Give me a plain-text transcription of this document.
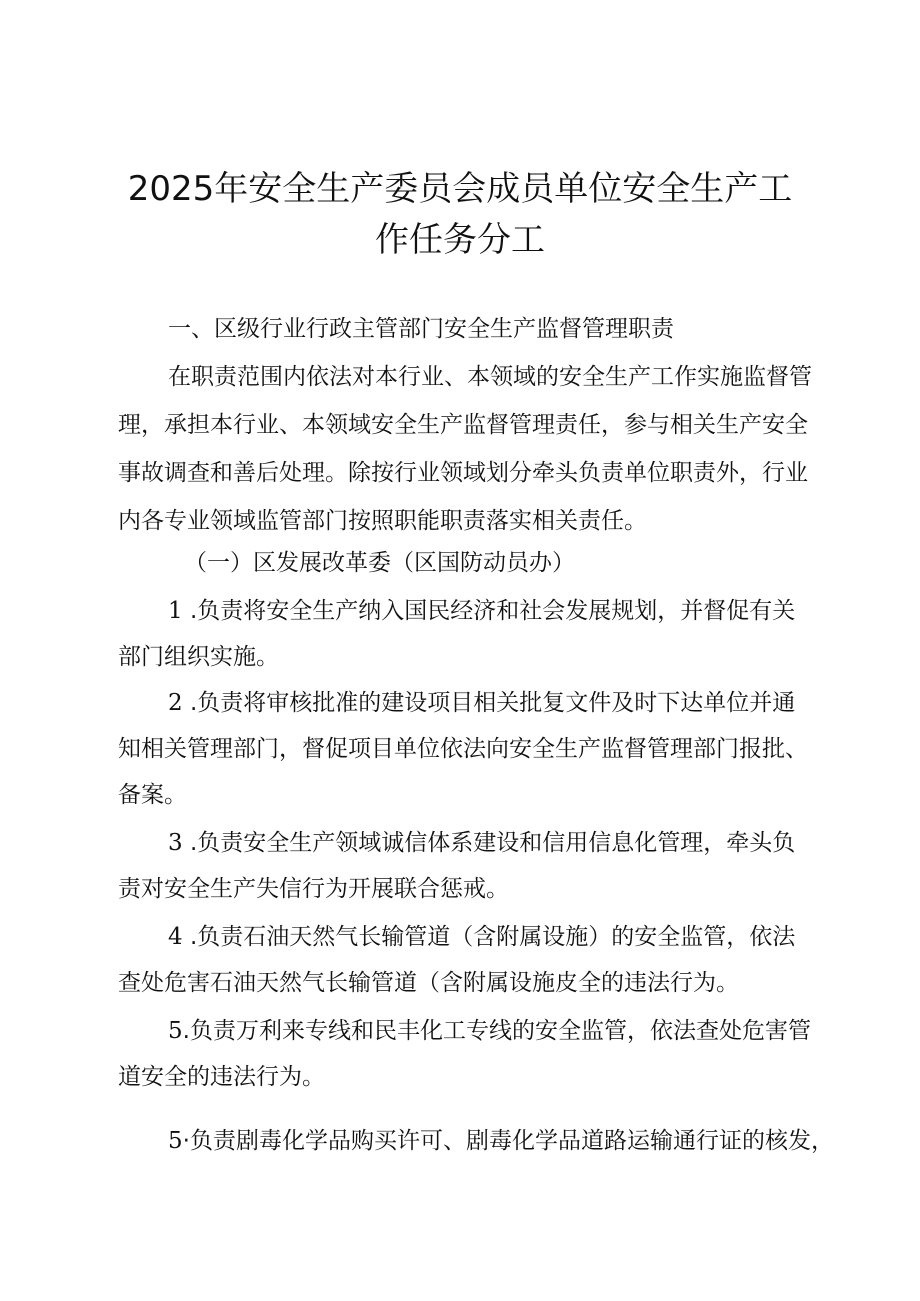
2025年安全生产委员会成员单位安全生产工
作任务分工

一、区级行业行政主管部门安全生产监督管理职责

在职责范围内依法对本行业、本领域的安全生产工作实施监督管

理，承担本行业、本领域安全生产监督管理责任，参与相关生产安全

事故调查和善后处理。除按行业领域划分牵头负责单位职责外，行业

内各专业领域监管部门按照职能职责落实相关责任。

（一）区发展改革委（区国防动员办）

1 .负责将安全生产纳入国民经济和社会发展规划，并督促有关

部门组织实施。

2 .负责将审核批准的建设项目相关批复文件及时下达单位并通

知相关管理部门，督促项目单位依法向安全生产监督管理部门报批、

备案。

3 .负责安全生产领域诚信体系建设和信用信息化管理，牵头负

责对安全生产失信行为开展联合惩戒。

4 .负责石油天然气长输管道（含附属设施）的安全监管，依法

查处危害石油天然气长输管道（含附属设施皮全的违法行为。

5.负责万利来专线和民丰化工专线的安全监管，依法查处危害管

道安全的违法行为。

5·负责剧毒化学品购买许可、剧毒化学品道路运输通行证的核发，
